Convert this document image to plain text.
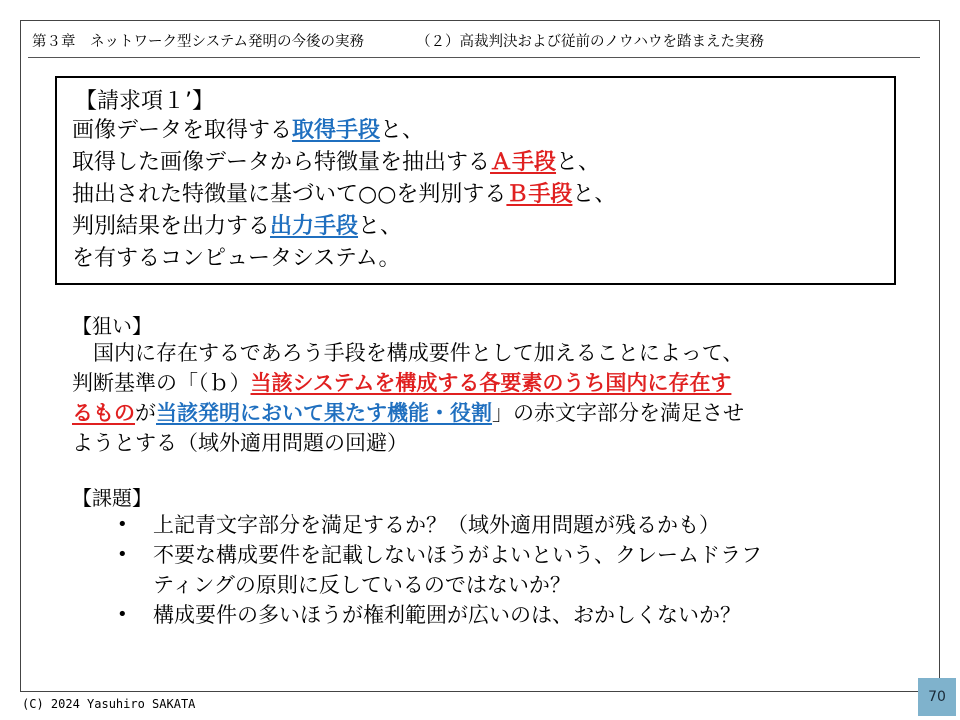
第３章　ネットワーク型システム発明の今後の実務	（２）高裁判決および従前のノウハウを踏まえた実務
【請求項１’】
画像データを取得する取得手段と、
取得した画像データから特徴量を抽出するＡ手段と、
抽出された特徴量に基づいて○○を判別するＢ手段と、
判別結果を出力する出力手段と、
を有するコンピュータシステム。
【狙い】
　国内に存在するであろう手段を構成要件として加えることによって、
判断基準の「（ｂ）当該システムを構成する各要素のうち国内に存在す
るものが当該発明において果たす機能・役割」の赤文字部分を満足させ
ようとする（域外適用問題の回避）
【課題】
• 上記青文字部分を満足するか？（域外適用問題が残るかも）
• 不要な構成要件を記載しないほうがよいという、クレームドラフ
ティングの原則に反しているのではないか？
• 構成要件の多いほうが権利範囲が広いのは、おかしくないか？
(C) 2024 Yasuhiro SAKATA	70
